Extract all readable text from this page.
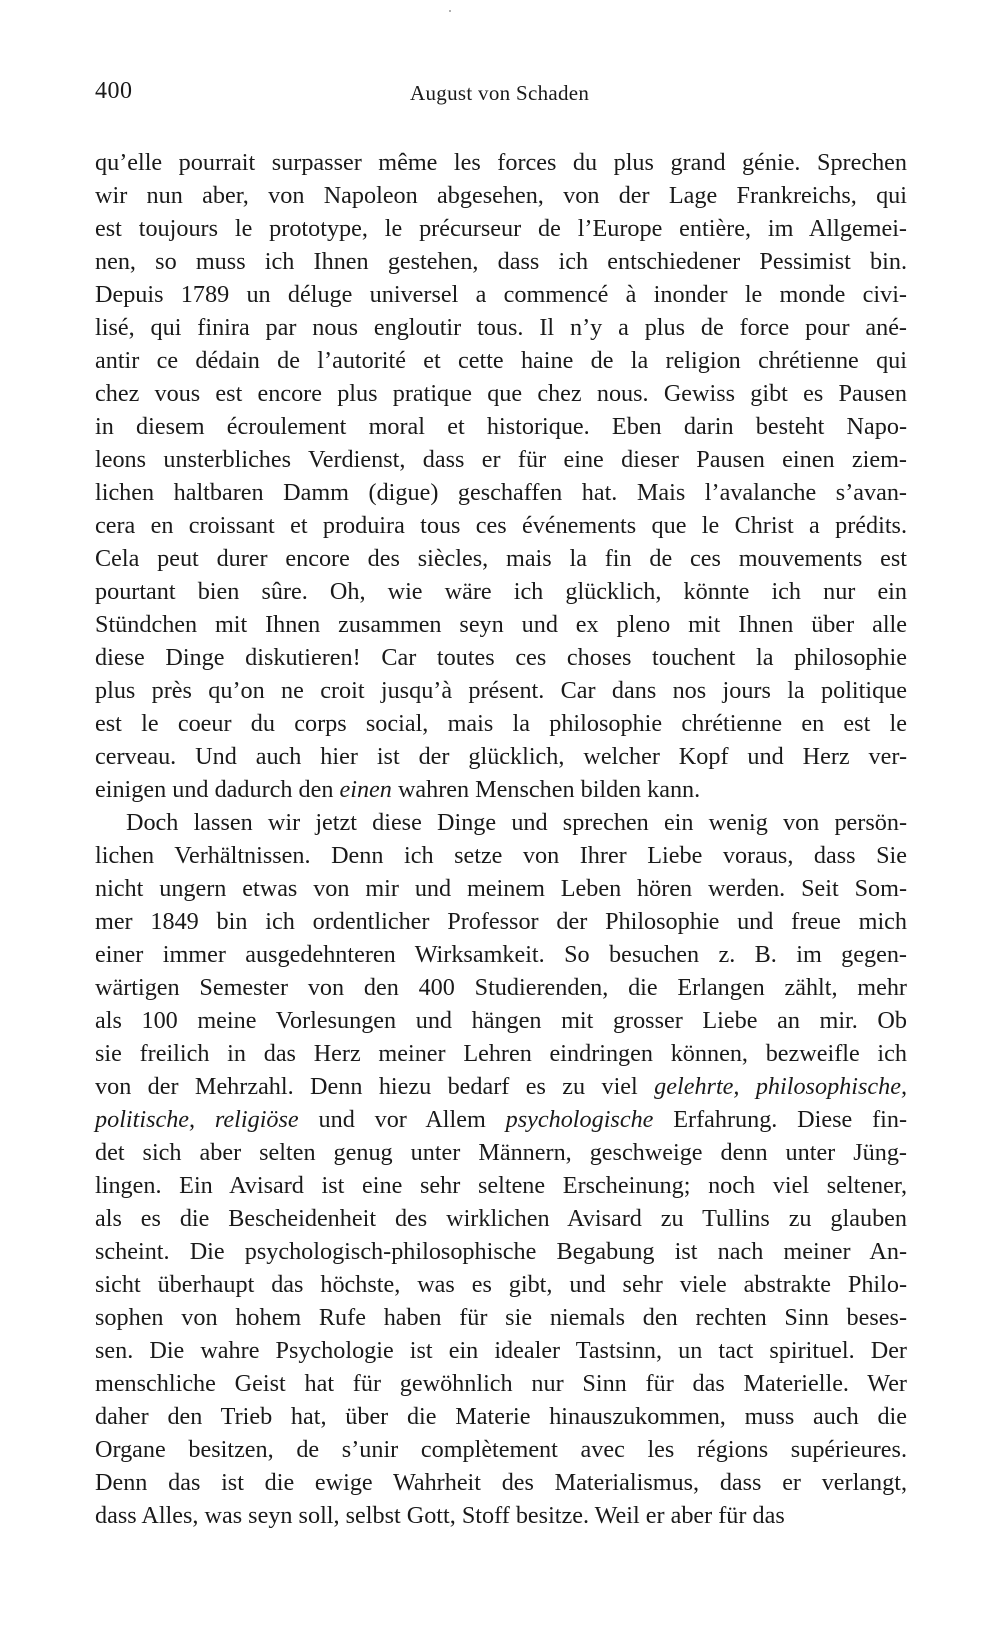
400	August von Schaden
qu’elle pourrait surpasser même les forces du plus grand génie. Sprechen
wir nun aber, von Napoleon abgesehen, von der Lage Frankreichs, qui
est toujours le prototype, le précurseur de l’Europe entière, im Allgemei-
nen, so muss ich Ihnen gestehen, dass ich entschiedener Pessimist bin.
Depuis 1789 un déluge universel a commencé à inonder le monde civi-
lisé, qui finira par nous engloutir tous. Il n’y a plus de force pour ané-
antir ce dédain de l’autorité et cette haine de la religion chrétienne qui
chez vous est encore plus pratique que chez nous. Gewiss gibt es Pausen
in diesem écroulement moral et historique. Eben darin besteht Napo-
leons unsterbliches Verdienst, dass er für eine dieser Pausen einen ziem-
lichen haltbaren Damm (digue) geschaffen hat. Mais l’avalanche s’avan-
cera en croissant et produira tous ces événements que le Christ a prédits.
Cela peut durer encore des siècles, mais la fin de ces mouvements est
pourtant bien sûre. Oh, wie wäre ich glücklich, könnte ich nur ein
Stündchen mit Ihnen zusammen seyn und ex pleno mit Ihnen über alle
diese Dinge diskutieren! Car toutes ces choses touchent la philosophie
plus près qu’on ne croit jusqu’à présent. Car dans nos jours la politique
est le coeur du corps social, mais la philosophie chrétienne en est le
cerveau. Und auch hier ist der glücklich, welcher Kopf und Herz ver-
einigen und dadurch den einen wahren Menschen bilden kann.
Doch lassen wir jetzt diese Dinge und sprechen ein wenig von persön-
lichen Verhältnissen. Denn ich setze von Ihrer Liebe voraus, dass Sie
nicht ungern etwas von mir und meinem Leben hören werden. Seit Som-
mer 1849 bin ich ordentlicher Professor der Philosophie und freue mich
einer immer ausgedehnteren Wirksamkeit. So besuchen z. B. im gegen-
wärtigen Semester von den 400 Studierenden, die Erlangen zählt, mehr
als 100 meine Vorlesungen und hängen mit grosser Liebe an mir. Ob
sie freilich in das Herz meiner Lehren eindringen können, bezweifle ich
von der Mehrzahl. Denn hiezu bedarf es zu viel gelehrte, philosophische,
politische, religiöse und vor Allem psychologische Erfahrung. Diese fin-
det sich aber selten genug unter Männern, geschweige denn unter Jüng-
lingen. Ein Avisard ist eine sehr seltene Erscheinung; noch viel seltener,
als es die Bescheidenheit des wirklichen Avisard zu Tullins zu glauben
scheint. Die psychologisch-philosophische Begabung ist nach meiner An-
sicht überhaupt das höchste, was es gibt, und sehr viele abstrakte Philo-
sophen von hohem Rufe haben für sie niemals den rechten Sinn beses-
sen. Die wahre Psychologie ist ein idealer Tastsinn, un tact spirituel. Der
menschliche Geist hat für gewöhnlich nur Sinn für das Materielle. Wer
daher den Trieb hat, über die Materie hinauszukommen, muss auch die
Organe besitzen, de s’unir complètement avec les régions supérieures.
Denn das ist die ewige Wahrheit des Materialismus, dass er verlangt,
dass Alles, was seyn soll, selbst Gott, Stoff besitze. Weil er aber für das
